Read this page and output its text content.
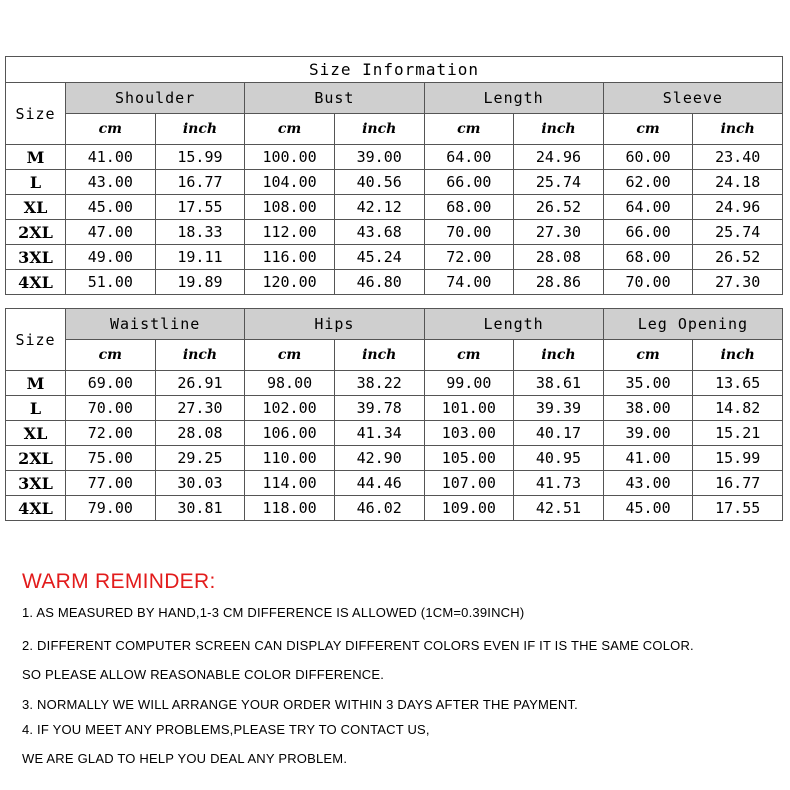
Size Information								
Size	Shoulder		Bust		Length		Sleeve	
	cm	inch	cm	inch	cm	inch	cm	inch
M	41.00	15.99	100.00	39.00	64.00	24.96	60.00	23.40
L	43.00	16.77	104.00	40.56	66.00	25.74	62.00	24.18
XL	45.00	17.55	108.00	42.12	68.00	26.52	64.00	24.96
2XL	47.00	18.33	112.00	43.68	70.00	27.30	66.00	25.74
3XL	49.00	19.11	116.00	45.24	72.00	28.08	68.00	26.52
4XL	51.00	19.89	120.00	46.80	74.00	28.86	70.00	27.30
Size	Waistline		Hips		Length		Leg Opening	
	cm	inch	cm	inch	cm	inch	cm	inch
M	69.00	26.91	98.00	38.22	99.00	38.61	35.00	13.65
L	70.00	27.30	102.00	39.78	101.00	39.39	38.00	14.82
XL	72.00	28.08	106.00	41.34	103.00	40.17	39.00	15.21
2XL	75.00	29.25	110.00	42.90	105.00	40.95	41.00	15.99
3XL	77.00	30.03	114.00	44.46	107.00	41.73	43.00	16.77
4XL	79.00	30.81	118.00	46.02	109.00	42.51	45.00	17.55
WARM REMINDER:
1. AS MEASURED BY HAND,1-3 CM DIFFERENCE IS ALLOWED (1CM=0.39INCH)
2. DIFFERENT COMPUTER SCREEN CAN DISPLAY DIFFERENT COLORS EVEN IF IT IS THE SAME COLOR.
SO PLEASE ALLOW REASONABLE COLOR DIFFERENCE.
3. NORMALLY WE WILL ARRANGE YOUR ORDER WITHIN 3 DAYS AFTER THE PAYMENT.
4. IF YOU MEET ANY PROBLEMS,PLEASE TRY TO CONTACT US,
WE ARE GLAD TO HELP YOU DEAL ANY PROBLEM.
